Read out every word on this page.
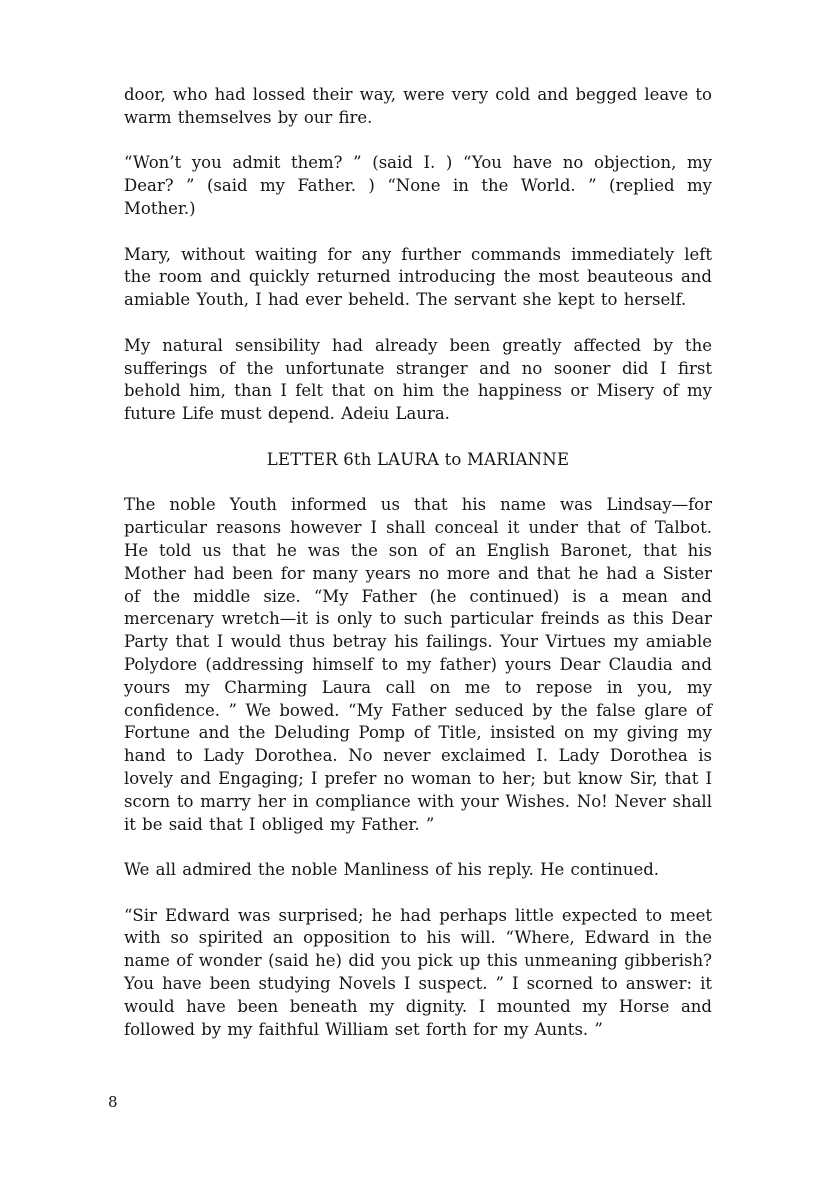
door, who had lossed their way, were very cold and begged leave to warm themselves by our fire.

“Won’t you admit them? ” (said I. ) “You have no objection, my Dear? ” (said my Father. ) “None in the World. ” (replied my Mother.)

Mary, without waiting for any further commands immediately left the room and quickly returned introducing the most beauteous and amiable Youth, I had ever beheld. The servant she kept to herself.

My natural sensibility had already been greatly affected by the sufferings of the unfortunate stranger and no sooner did I first behold him, than I felt that on him the happiness or Misery of my future Life must depend. Adeiu Laura.

LETTER 6th LAURA to MARIANNE

The noble Youth informed us that his name was Lindsay—for particular reasons however I shall conceal it under that of Talbot. He told us that he was the son of an English Baronet, that his Mother had been for many years no more and that he had a Sister of the middle size. “My Father (he continued) is a mean and mercenary wretch—it is only to such particular freinds as this Dear Party that I would thus betray his failings. Your Virtues my amiable Polydore (addressing himself to my father) yours Dear Claudia and yours my Charming Laura call on me to repose in you, my confidence. ” We bowed. “My Father seduced by the false glare of Fortune and the Deluding Pomp of Title, insisted on my giving my hand to Lady Dorothea. No never exclaimed I. Lady Dorothea is lovely and Engaging; I prefer no woman to her; but know Sir, that I scorn to marry her in compliance with your Wishes. No! Never shall it be said that I obliged my Father. ”

We all admired the noble Manliness of his reply. He continued.

“Sir Edward was surprised; he had perhaps little expected to meet with so spirited an opposition to his will. “Where, Edward in the name of wonder (said he) did you pick up this unmeaning gibberish? You have been studying Novels I suspect. ” I scorned to answer: it would have been beneath my dignity. I mounted my Horse and followed by my faithful William set forth for my Aunts. ”

8
